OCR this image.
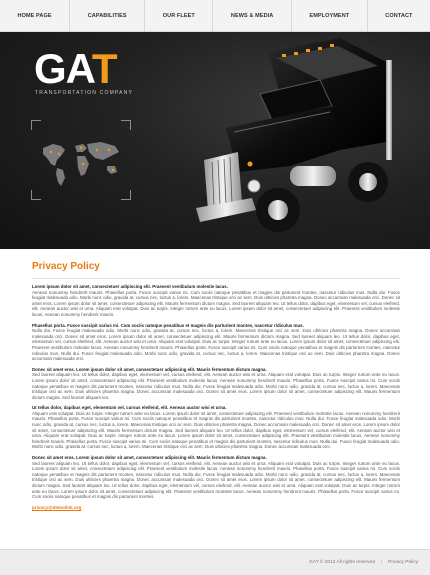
HOME PAGE	CAPABILITIES	OUR FLEET	NEWS & MEDIA	EMPLOYMENT	CONTACT
GAT
TRANSPORTATION COMPANY
Privacy Policy

Lorem ipsum dolor sit amet, consectetuer adipiscing elit. Praesent vestibulum molestie lacus.

Aenean nonummy hendrerit mauris. Phasellus porta. Fusce suscipit varius mi. Cum sociis natoque penatibus et magnis dis parturient montes, nascetur ridiculus mus. Nulla dui. Fusce feugiat malesuada odio. Morbi nunc odio, gravida at, cursus nec, luctus a, lorem. Maecenas tristique orci ac sem. Duis ultricies pharetra magna. Donec accumsan malesuada orci. Donec sit amet eros. Lorem ipsum dolor sit amet, consectetuer adipiscing elit. Mauris fermentum dictum magna. Sed laoreet aliquam leo. Ut tellus dolor, dapibus eget, elementum vel, cursus eleifend, elit. Aenean auctor wisi et urna. Aliquam erat volutpat. Duis ac turpis. Integer rutrum ante eu lacus. Lorem ipsum dolor sit amet, consectetuer adipiscing elit. Praesent vestibulum molestie lacus. Aenean nonummy hendrerit mauris.

Phasellus porta. Fusce suscipit varius mi. Cum sociis natoque penatibus et magnis dis parturient montes, nascetur ridiculus mus.

Nulla dui. Fusce feugiat malesuada odio. Morbi nunc odio, gravida at, cursus nec, luctus a, lorem. Maecenas tristique orci ac sem. Duis ultricies pharetra magna. Donec accumsan malesuada orci. Donec sit amet eros. Lorem ipsum dolor sit amet, consectetuer adipiscing elit. Mauris fermentum dictum magna. Sed laoreet aliquam leo. Ut tellus dolor, dapibus eget, elementum vel, cursus eleifend, elit. Aenean auctor wisi et urna. Aliquam erat volutpat. Duis ac turpis. Integer rutrum ante eu lacus. Lorem ipsum dolor sit amet, consectetuer adipiscing elit. Praesent vestibulum molestie lacus. Aenean nonummy hendrerit mauris. Phasellus porta. Fusce suscipit varius mi. Cum sociis natoque penatibus et magnis dis parturient montes, nascetur ridiculus mus. Nulla dui. Fusce feugiat malesuada odio. Morbi nunc odio, gravida at, cursus nec, luctus a, lorem. Maecenas tristique orci ac sem. Duis ultricies pharetra magna. Donec accumsan malesuada orci.

Donec sit amet eros. Lorem ipsum dolor sit amet, consectetuer adipiscing elit. Mauris fermentum dictum magna.

Sed laoreet aliquam leo. Ut tellus dolor, dapibus eget, elementum vel, cursus eleifend, elit. Aenean auctor wisi et urna. Aliquam erat volutpat. Duis ac turpis. Integer rutrum ante eu lacus. Lorem ipsum dolor sit amet, consectetuer adipiscing elit. Praesent vestibulum molestie lacus. Aenean nonummy hendrerit mauris. Phasellus porta. Fusce suscipit varius mi. Cum sociis natoque penatibus et magnis dis parturient montes, nascetur ridiculus mus. Nulla dui. Fusce feugiat malesuada odio. Morbi nunc odio, gravida at, cursus nec, luctus a, lorem. Maecenas tristique orci ac sem. Duis ultricies pharetra magna. Donec accumsan malesuada orci. Donec sit amet eros. Lorem ipsum dolor sit amet, consectetuer adipiscing elit. Mauris fermentum dictum magna. Sed laoreet aliquam leo.

Ut tellus dolor, dapibus eget, elementum vel, cursus eleifend, elit. Aenean auctor wisi et urna.

Aliquam erat volutpat. Duis ac turpis. Integer rutrum ante eu lacus. Lorem ipsum dolor sit amet, consectetuer adipiscing elit. Praesent vestibulum molestie lacus. Aenean nonummy hendrerit mauris. Phasellus porta. Fusce suscipit varius mi. Cum sociis natoque penatibus et magnis dis parturient montes, nascetur ridiculus mus. Nulla dui. Fusce feugiat malesuada odio. Morbi nunc odio, gravida at, cursus nec, luctus a, lorem. Maecenas tristique orci ac sem. Duis ultricies pharetra magna. Donec accumsan malesuada orci. Donec sit amet eros. Lorem ipsum dolor sit amet, consectetuer adipiscing elit. Mauris fermentum dictum magna. Sed laoreet aliquam leo. Ut tellus dolor, dapibus eget, elementum vel, cursus eleifend, elit. Aenean auctor wisi et urna. Aliquam erat volutpat. Duis ac turpis. Integer rutrum ante eu lacus. Lorem ipsum dolor sit amet, consectetuer adipiscing elit. Praesent vestibulum molestie lacus. Aenean nonummy hendrerit mauris. Phasellus porta. Fusce suscipit varius mi. Cum sociis natoque penatibus et magnis dis parturient montes, nascetur ridiculus mus. Nulla dui. Fusce feugiat malesuada odio. Morbi nunc odio, gravida at, cursus nec, luctus a, lorem. Maecenas tristique orci ac sem. Duis ultricies pharetra magna. Donec accumsan malesuada orci.

Donec sit amet eros. Lorem ipsum dolor sit amet, consectetuer adipiscing elit. Mauris fermentum dictum magna.

Sed laoreet aliquam leo. Ut tellus dolor, dapibus eget, elementum vel, cursus eleifend, elit. Aenean auctor wisi et urna. Aliquam erat volutpat. Duis ac turpis. Integer rutrum ante eu lacus. Lorem ipsum dolor sit amet, consectetuer adipiscing elit. Praesent vestibulum molestie lacus. Aenean nonummy hendrerit mauris. Phasellus porta. Fusce suscipit varius mi. Cum sociis natoque penatibus et magnis dis parturient montes, nascetur ridiculus mus. Nulla dui. Fusce feugiat malesuada odio. Morbi nunc odio, gravida at, cursus nec, luctus a, lorem. Maecenas tristique orci ac sem. Duis ultricies pharetra magna. Donec accumsan malesuada orci. Donec sit amet eros. Lorem ipsum dolor sit amet, consectetuer adipiscing elit. Mauris fermentum dictum magna. Sed laoreet aliquam leo. Ut tellus dolor, dapibus eget, elementum vel, cursus eleifend, elit. Aenean auctor wisi et urna. Aliquam erat volutpat. Duis ac turpis. Integer rutrum ante eu lacus. Lorem ipsum dolor sit amet, consectetuer adipiscing elit. Praesent vestibulum molestie lacus. Aenean nonummy hendrerit mauris. Phasellus porta. Fusce suscipit varius mi. Cum sociis natoque penatibus et magnis dis parturient montes.

privacy@demolink.org
GAT © 2012 All rights reserved | Privacy Policy
